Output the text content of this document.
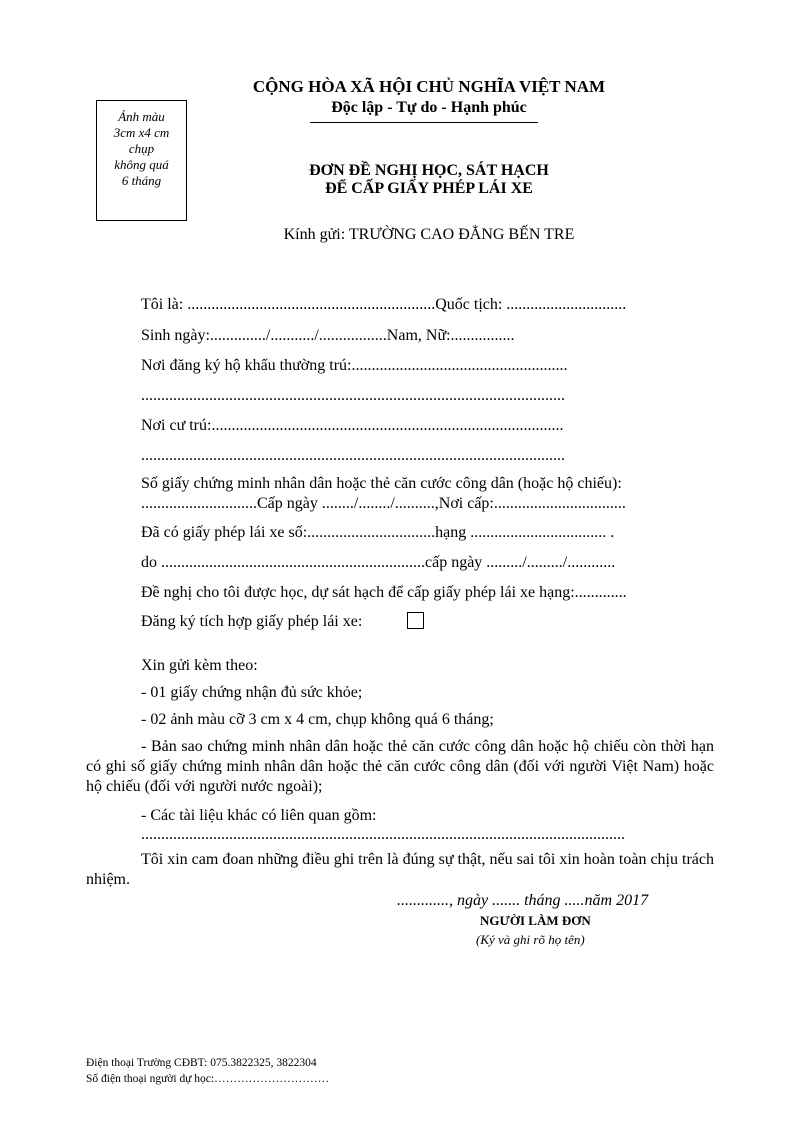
Ảnh màu
3cm x4 cm
chụp
không quá
6 tháng
CỘNG HÒA XÃ HỘI CHỦ NGHĨA VIỆT NAM
Độc lập - Tự do - Hạnh phúc
ĐƠN ĐỀ NGHỊ HỌC, SÁT HẠCH
ĐỂ CẤP GIẤY PHÉP LÁI XE
Kính gửi: TRƯỜNG CAO ĐẲNG BẾN TRE
Tôi là: ..............................................................Quốc tịch: ..............................
Sinh ngày:............../.........../.................Nam, Nữ:................
Nơi đăng ký hộ khẩu thường trú:......................................................
..........................................................................................................
Nơi cư trú:........................................................................................
..........................................................................................................
Số giấy chứng minh nhân dân hoặc thẻ căn cước công dân (hoặc hộ chiếu):
.............................Cấp ngày ......../......../..........,Nơi cấp:.................................
Đã có giấy phép lái xe số:................................hạng .................................. .
do ..................................................................cấp ngày ........./........./............
Đề nghị cho tôi được học, dự sát hạch để cấp giấy phép lái xe hạng:.............
Đăng ký tích hợp giấy phép lái xe:
Xin gửi kèm theo:
- 01 giấy chứng nhận đủ sức khỏe;
- 02 ảnh màu cỡ 3 cm x 4 cm, chụp không quá 6 tháng;
- Bản sao chứng minh nhân dân hoặc thẻ căn cước công dân hoặc hộ chiếu còn thời hạn có ghi số giấy chứng minh nhân dân hoặc thẻ căn cước công dân (đối với người Việt Nam) hoặc hộ chiếu (đối với người nước ngoài);
- Các tài liệu khác có liên quan gồm:
.........................................................................................................................
Tôi xin cam đoan những điều ghi trên là đúng sự thật, nếu sai tôi xin hoàn toàn chịu trách nhiệm.
............., ngày ....... tháng .....năm 2017
NGƯỜI LÀM ĐƠN
(Ký và ghi rõ họ tên)
Điện thoại Trường CĐBT: 075.3822325, 3822304
Số điện thoại người dự học:…………………………
